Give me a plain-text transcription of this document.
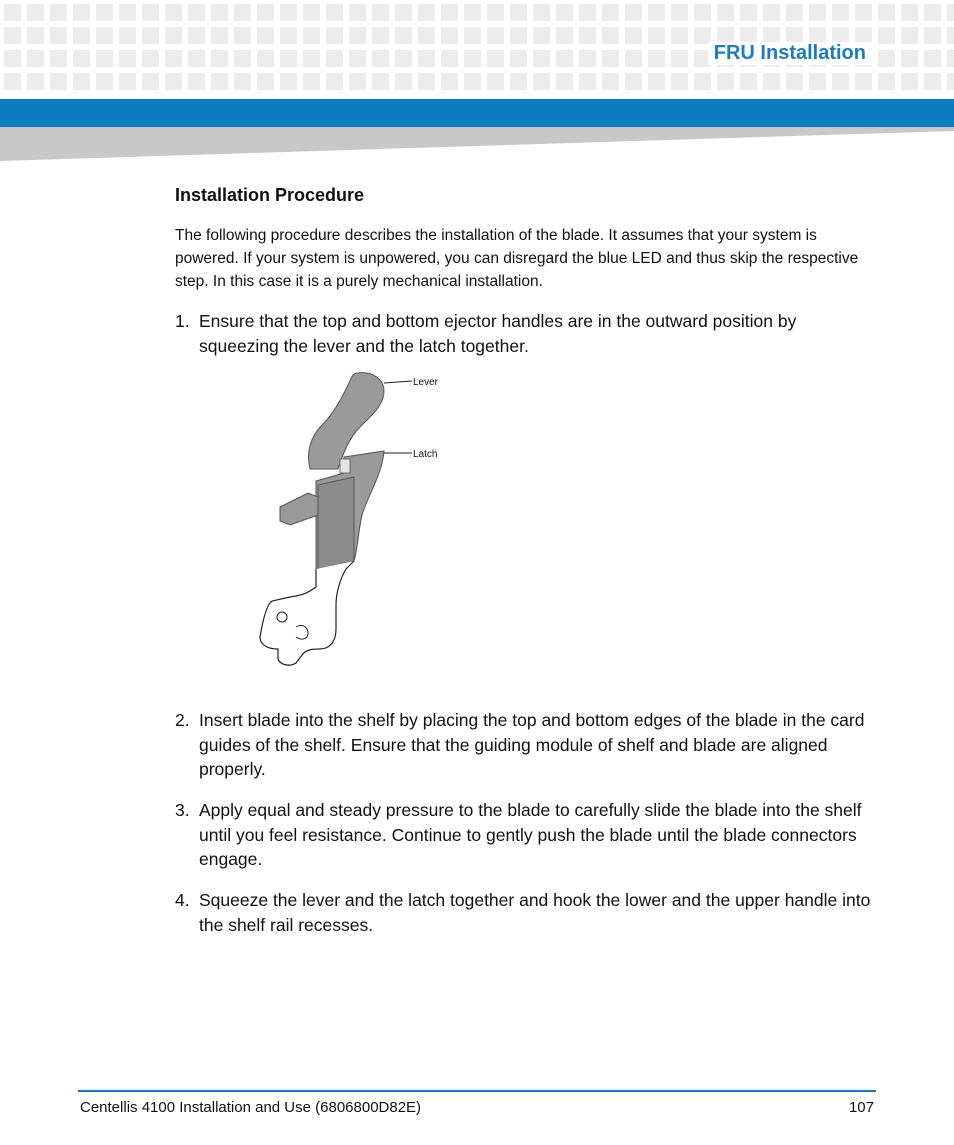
FRU Installation
Installation Procedure
The following procedure describes the installation of the blade. It assumes that your system is powered. If your system is unpowered, you can disregard the blue LED and thus skip the respective step. In this case it is a purely mechanical installation.
1. Ensure that the top and bottom ejector handles are in the outward position by squeezing the lever and the latch together.
Lever
Latch
2. Insert blade into the shelf by placing the top and bottom edges of the blade in the card guides of the shelf. Ensure that the guiding module of shelf and blade are aligned properly.
3. Apply equal and steady pressure to the blade to carefully slide the blade into the shelf until you feel resistance. Continue to gently push the blade until the blade connectors engage.
4. Squeeze the lever and the latch together and hook the lower and the upper handle into the shelf rail recesses.
Centellis 4100 Installation and Use (6806800D82E)	107
